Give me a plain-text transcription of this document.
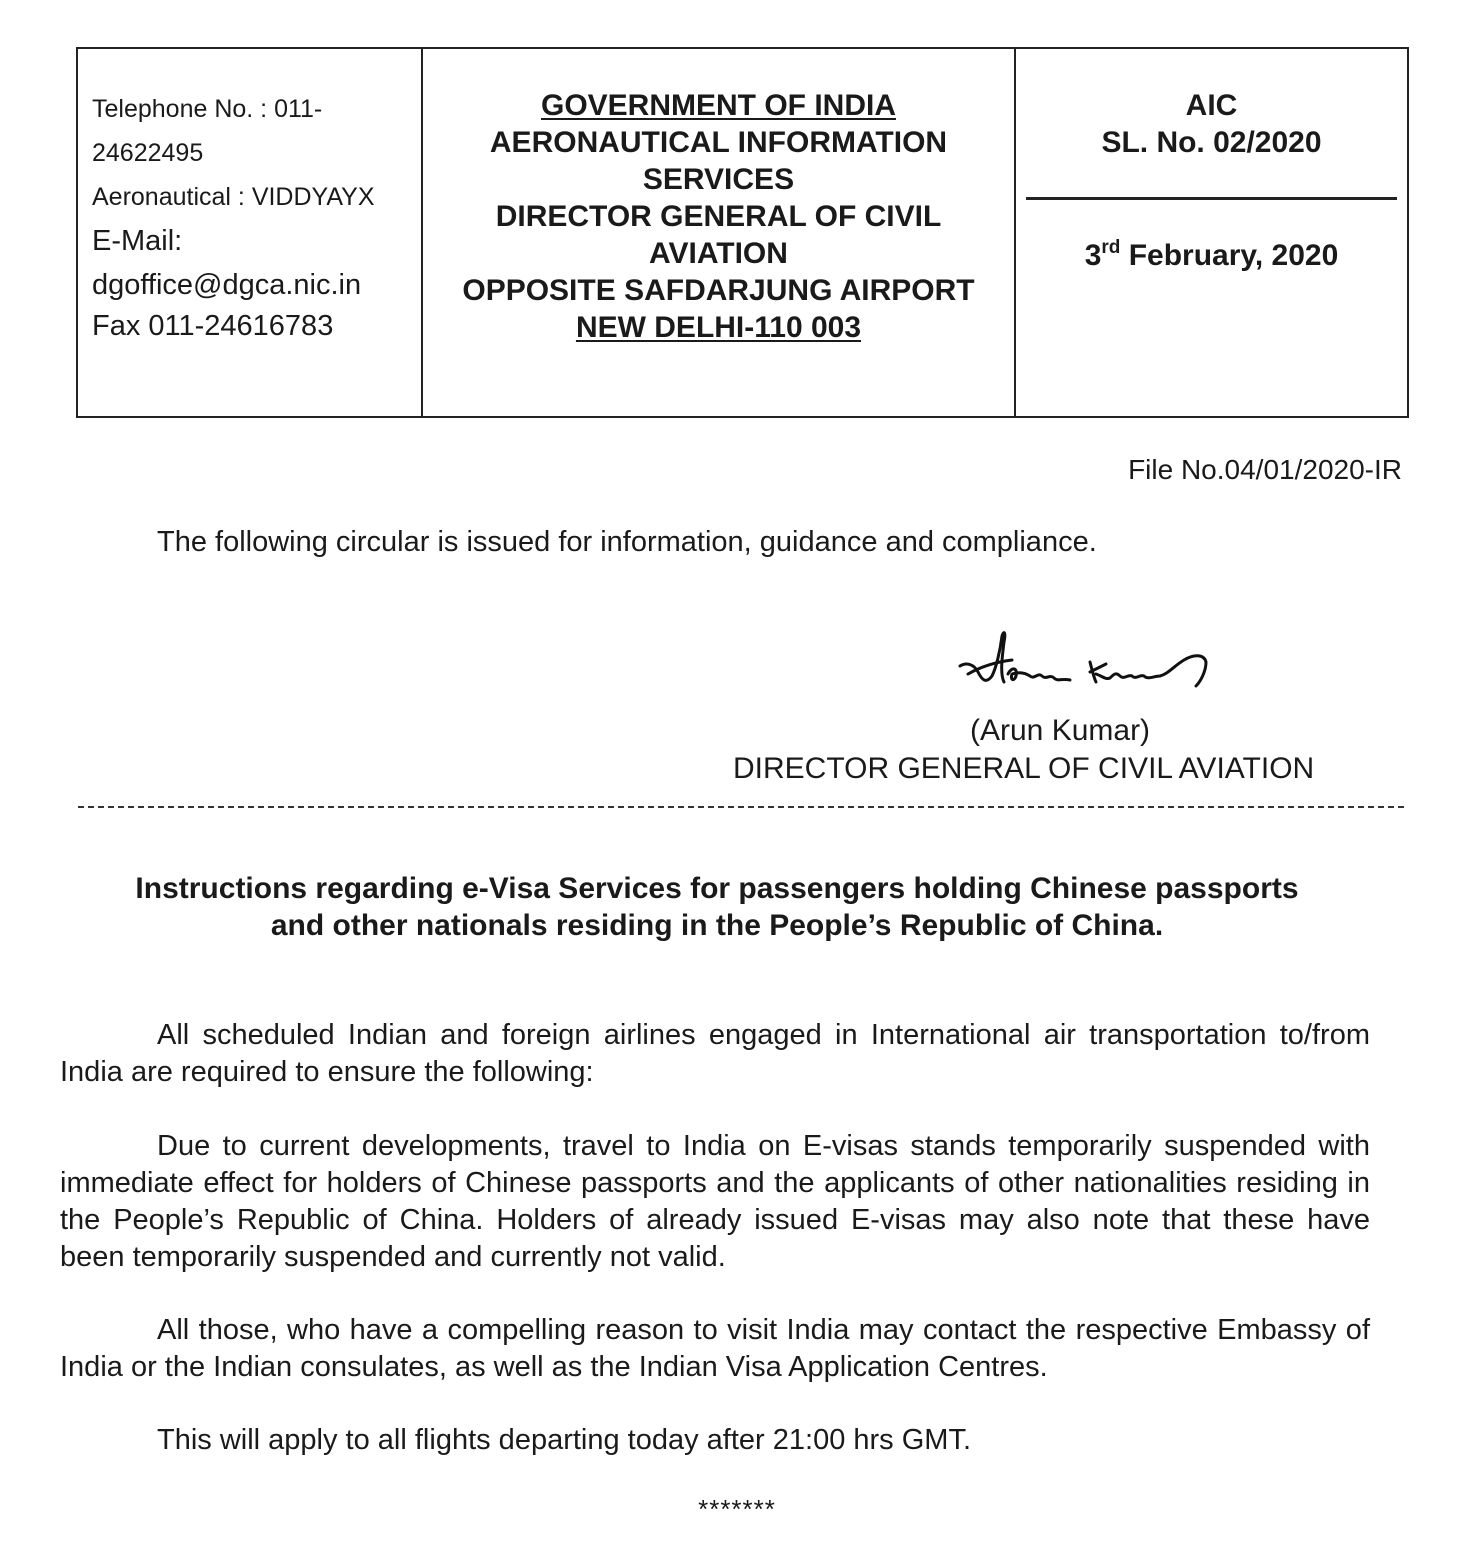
Telephone No. : 011-
24622495
Aeronautical : VIDDYAYX
E-Mail:
dgoffice@dgca.nic.in
Fax 011-24616783
GOVERNMENT OF INDIA
AERONAUTICAL INFORMATION
SERVICES
DIRECTOR GENERAL OF CIVIL
AVIATION
OPPOSITE SAFDARJUNG AIRPORT
NEW DELHI-110 003
AIC
SL. No. 02/2020
3rd February, 2020
File No.04/01/2020-IR
The following circular is issued for information, guidance and compliance.
(Arun Kumar)
DIRECTOR GENERAL OF CIVIL AVIATION
Instructions regarding e-Visa Services for passengers holding Chinese passports
and other nationals residing in the People’s Republic of China.

All scheduled Indian and foreign airlines engaged in International air transportation to/from India are required to ensure the following:

Due to current developments, travel to India on E-visas stands temporarily suspended with immediate effect for holders of Chinese passports and the applicants of other nationalities residing in the People’s Republic of China. Holders of already issued E-visas may also note that these have been temporarily suspended and currently not valid.

All those, who have a compelling reason to visit India may contact the respective Embassy of India or the Indian consulates, as well as the Indian Visa Application Centres.

This will apply to all flights departing today after 21:00 hrs GMT.

*******
